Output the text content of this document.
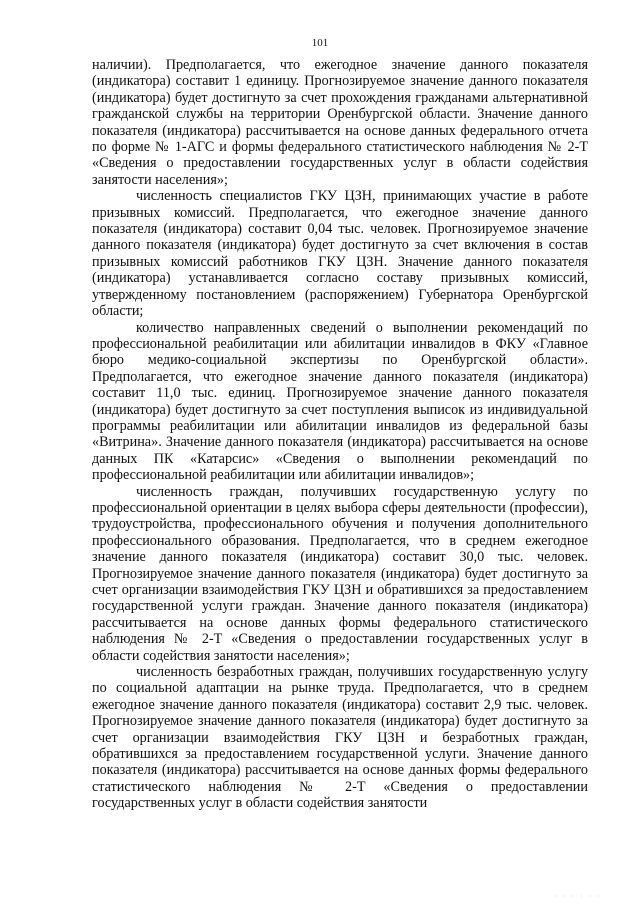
101

наличии). Предполагается, что ежегодное значение данного показателя (индикатора) составит 1 единицу. Прогнозируемое значение данного показателя (индикатора) будет достигнуто за счет прохождения гражданами альтернативной гражданской службы на территории Оренбургской области. Значение данного показателя (индикатора) рассчитывается на основе данных федерального отчета по форме № 1-АГС и формы федерального статистического наблюдения № 2-Т «Сведения о предоставлении государственных услуг в области содействия занятости населения»;

численность специалистов ГКУ ЦЗН, принимающих участие в работе призывных комиссий. Предполагается, что ежегодное значение данного показателя (индикатора) составит 0,04 тыс. человек. Прогнозируемое значение данного показателя (индикатора) будет достигнуто за счет включения в состав призывных комиссий работников ГКУ ЦЗН. Значение данного показателя (индикатора) устанавливается согласно составу призывных комиссий, утвержденному постановлением (распоряжением) Губернатора Оренбургской области;

количество направленных сведений о выполнении рекомендаций по профессиональной реабилитации или абилитации инвалидов в ФКУ «Главное бюро медико-социальной экспертизы по Оренбургской области». Предполагается, что ежегодное значение данного показателя (индикатора) составит 11,0 тыс. единиц. Прогнозируемое значение данного показателя (индикатора) будет достигнуто за счет поступления выписок из индивидуальной программы реабилитации или абилитации инвалидов из федеральной базы «Витрина». Значение данного показателя (индикатора) рассчитывается на основе данных ПК «Катарсис» «Сведения о выполнении рекомендаций по профессиональной реабилитации или абилитации инвалидов»;

численность граждан, получивших государственную услугу по профессиональной ориентации в целях выбора сферы деятельности (профессии), трудоустройства, профессионального обучения и получения дополнительного профессионального образования. Предполагается, что в среднем ежегодное значение данного показателя (индикатора) составит 30,0 тыс. человек. Прогнозируемое значение данного показателя (индикатора) будет достигнуто за счет организации взаимодействия ГКУ ЦЗН и обратившихся за предоставлением государственной услуги граждан. Значение данного показателя (индикатора) рассчитывается на основе данных формы федерального статистического наблюдения № 2-Т «Сведения о предоставлении государственных услуг в области содействия занятости населения»;

численность безработных граждан, получивших государственную услугу по социальной адаптации на рынке труда. Предполагается, что в среднем ежегодное значение данного показателя (индикатора) составит 2,9 тыс. человек. Прогнозируемое значение данного показателя (индикатора) будет достигнуто за счет организации взаимодействия ГКУ ЦЗН и безработных граждан, обратившихся за предоставлением государственной услуги. Значение данного показателя (индикатора) рассчитывается на основе данных формы федерального статистического наблюдения № 2-Т «Сведения о предоставлении государственных услуг в области содействия занятости

· · · · · ·
